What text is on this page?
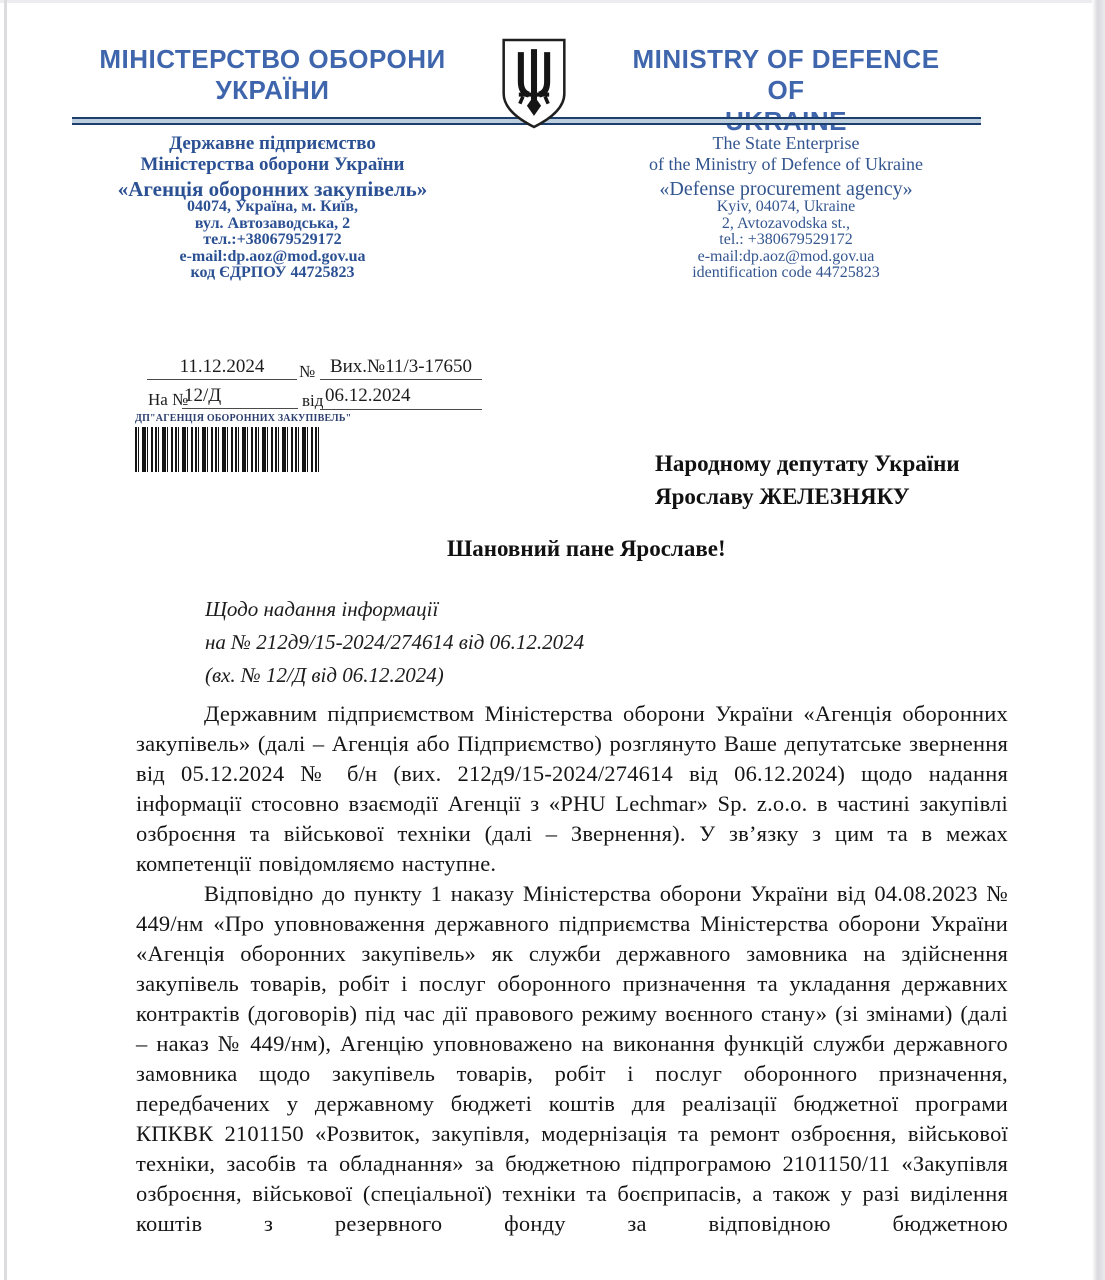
МІНІСТЕРСТВО ОБОРОНИ
УКРАЇНИ
MINISTRY OF DEFENCE OF
Державне підприємство
Міністерства оборони України
«Агенція оборонних закупівель»
04074, Україна, м. Київ,
вул. Автозаводська, 2
тел.:+380679529172
e-mail:dp.aoz@mod.gov.ua
код ЄДРПОУ 44725823
The State Enterprise
of the Ministry of Defence of Ukraine
«Defense procurement agency»
Kyiv, 04074, Ukraine
2, Avtozavodska st.,
tel.: +380679529172
e-mail:dp.aoz@mod.gov.ua
identification code 44725823
11.12.2024	№ Вих.№11/3-17650
На №
12/Д	від 06.12.2024
ДП"АГЕНЦІЯ ОБОРОННИХ ЗАКУПІВЕЛЬ"
Народному депутату України
Ярославу ЖЕЛЕЗНЯКУ
Шановний пане Ярославе!
Щодо надання інформації
на № 212д9/15-2024/274614 від 06.12.2024
(вх. № 12/Д від 06.12.2024)

Державним підприємством Міністерства оборони України «Агенція оборонних закупівель» (далі – Агенція або Підприємство) розглянуто Ваше депутатське звернення від 05.12.2024 № б/н (вих. 212д9/15-2024/274614 від 06.12.2024) щодо надання інформації стосовно взаємодії Агенції з «PHU Lechmar» Sp. z.o.o. в частині закупівлі озброєння та військової техніки (далі – Звернення). У зв’язку з цим та в межах компетенції повідомляємо наступне.

Відповідно до пункту 1 наказу Міністерства оборони України від 04.08.2023 № 449/нм «Про уповноваження державного підприємства Міністерства оборони України «Агенція оборонних закупівель» як служби державного замовника на здійснення закупівель товарів, робіт і послуг оборонного призначення та укладання державних контрактів (договорів) під час дії правового режиму воєнного стану» (зі змінами) (далі – наказ № 449/нм), Агенцію уповноважено на виконання функцій служби державного замовника щодо закупівель товарів, робіт і послуг оборонного призначення, передбачених у державному бюджеті коштів для реалізації бюджетної програми КПКВК 2101150 «Розвиток, закупівля, модернізація та ремонт озброєння, військової техніки, засобів та обладнання» за бюджетною підпрограмою 2101150/11 «Закупівля озброєння, військової (спеціальної) техніки та боєприпасів, а також у разі виділення коштів з резервного фонду за відповідною бюджетною
